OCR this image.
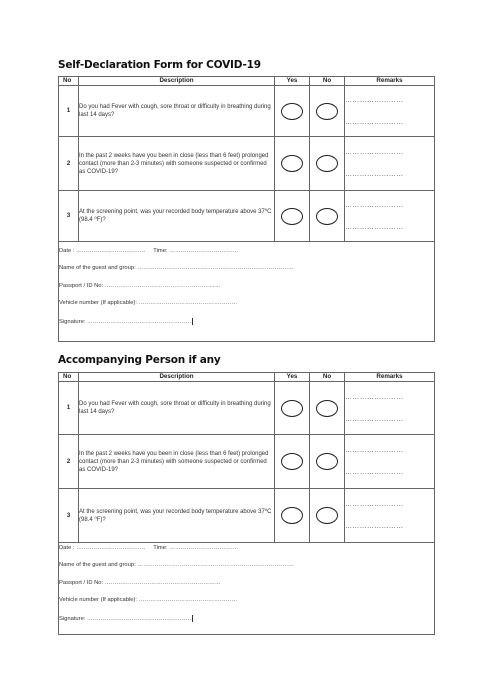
Self-Declaration Form for COVID-19
No	Description	Yes	No	Remarks
1	Do you had Fever with cough, sore throat or difficulty in breathing during last 14 days?			……………………
……………………

2	In the past 2 weeks have you been in close (less than 6 feet) prolonged contact (more than 2-3 minutes) with someone suspected or confirmed as COVID-19?			……………………
……………………

3	At the screening point, was your recorded body temperature above 37⁰C (98.4 ⁰F)?			……………………
……………………

Date : ……………………………… Time: ………………………………
Name of the guest and group: ………………………………………………………………………
Passport / ID No: ……………………………………………………
Vehicle number (If applicable): ……………………………………………
Signature: ………………………………………………				
Accompanying Person if any
No	Description	Yes	No	Remarks
1	Do you had Fever with cough, sore throat or difficulty in breathing during last 14 days?			……………………
……………………

2	In the past 2 weeks have you been in close (less than 6 feet) prolonged contact (more than 2-3 minutes) with someone suspected or confirmed as COVID-19?			……………………
……………………

3	At the screening point, was your recorded body temperature above 37⁰C (98.4 ⁰F)?			……………………
……………………

Date : ……………………………… Time: ………………………………
Name of the guest and group: ………………………………………………………………………
Passport / ID No: ……………………………………………………
Vehicle number (If applicable): ……………………………………………
Signature: ………………………………………………				
